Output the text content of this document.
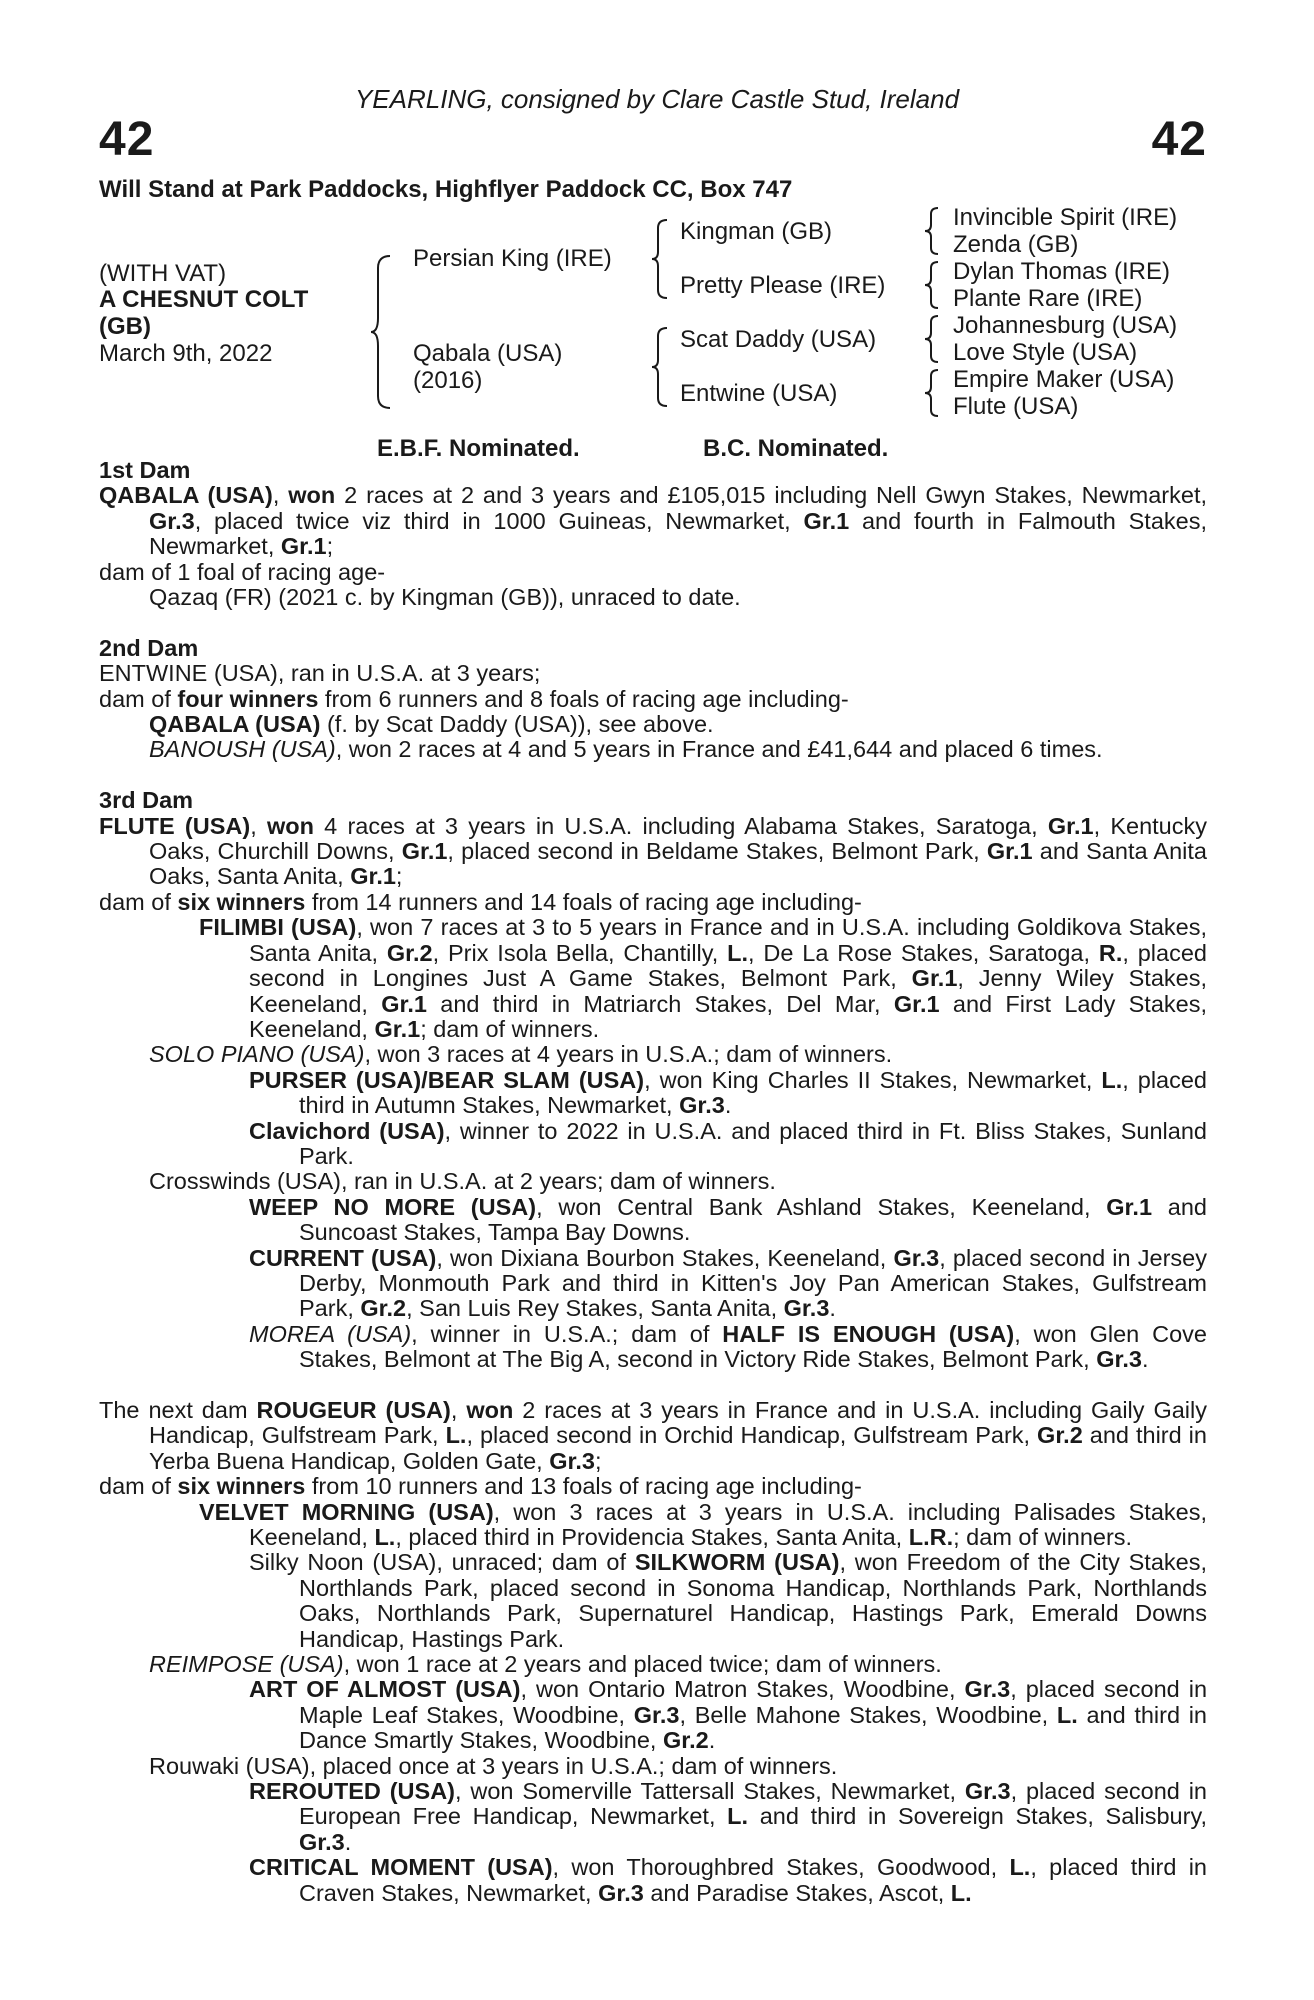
YEARLING, consigned by Clare Castle Stud, Ireland
42	42
Will Stand at Park Paddocks, Highflyer Paddock CC, Box 747
(WITH VAT)
A CHESNUT COLT
(GB)
March 9th, 2022
Persian King (IRE)
Qabala (USA)
(2016)
Kingman (GB)
Pretty Please (IRE)
Scat Daddy (USA)
Entwine (USA)
Invincible Spirit (IRE)
Zenda (GB)
Dylan Thomas (IRE)
Plante Rare (IRE)
Johannesburg (USA)
Love Style (USA)
Empire Maker (USA)
Flute (USA)
E.B.F. Nominated.	B.C. Nominated.

1st Dam

QABALA (USA), won 2 races at 2 and 3 years and £105,015 including Nell Gwyn Stakes, Newmarket, Gr.3, placed twice viz third in 1000 Guineas, Newmarket, Gr.1 and fourth in Falmouth Stakes, Newmarket, Gr.1;

dam of 1 foal of racing age-

Qazaq (FR) (2021 c. by Kingman (GB)), unraced to date.

2nd Dam

ENTWINE (USA), ran in U.S.A. at 3 years;

dam of four winners from 6 runners and 8 foals of racing age including-

QABALA (USA) (f. by Scat Daddy (USA)), see above.

BANOUSH (USA), won 2 races at 4 and 5 years in France and £41,644 and placed 6 times.

3rd Dam

FLUTE (USA), won 4 races at 3 years in U.S.A. including Alabama Stakes, Saratoga, Gr.1, Kentucky Oaks, Churchill Downs, Gr.1, placed second in Beldame Stakes, Belmont Park, Gr.1 and Santa Anita Oaks, Santa Anita, Gr.1;

dam of six winners from 14 runners and 14 foals of racing age including-

FILIMBI (USA), won 7 races at 3 to 5 years in France and in U.S.A. including Goldikova Stakes, Santa Anita, Gr.2, Prix Isola Bella, Chantilly, L., De La Rose Stakes, Saratoga, R., placed second in Longines Just A Game Stakes, Belmont Park, Gr.1, Jenny Wiley Stakes, Keeneland, Gr.1 and third in Matriarch Stakes, Del Mar, Gr.1 and First Lady Stakes, Keeneland, Gr.1; dam of winners.

SOLO PIANO (USA), won 3 races at 4 years in U.S.A.; dam of winners.

PURSER (USA)/BEAR SLAM (USA), won King Charles II Stakes, Newmarket, L., placed third in Autumn Stakes, Newmarket, Gr.3.

Clavichord (USA), winner to 2022 in U.S.A. and placed third in Ft. Bliss Stakes, Sunland Park.

Crosswinds (USA), ran in U.S.A. at 2 years; dam of winners.

WEEP NO MORE (USA), won Central Bank Ashland Stakes, Keeneland, Gr.1 and Suncoast Stakes, Tampa Bay Downs.

CURRENT (USA), won Dixiana Bourbon Stakes, Keeneland, Gr.3, placed second in Jersey Derby, Monmouth Park and third in Kitten's Joy Pan American Stakes, Gulfstream Park, Gr.2, San Luis Rey Stakes, Santa Anita, Gr.3.

MOREA (USA), winner in U.S.A.; dam of HALF IS ENOUGH (USA), won Glen Cove Stakes, Belmont at The Big A, second in Victory Ride Stakes, Belmont Park, Gr.3.

The next dam ROUGEUR (USA), won 2 races at 3 years in France and in U.S.A. including Gaily Gaily Handicap, Gulfstream Park, L., placed second in Orchid Handicap, Gulfstream Park, Gr.2 and third in Yerba Buena Handicap, Golden Gate, Gr.3;

dam of six winners from 10 runners and 13 foals of racing age including-

VELVET MORNING (USA), won 3 races at 3 years in U.S.A. including Palisades Stakes, Keeneland, L., placed third in Providencia Stakes, Santa Anita, L.R.; dam of winners.

Silky Noon (USA), unraced; dam of SILKWORM (USA), won Freedom of the City Stakes, Northlands Park, placed second in Sonoma Handicap, Northlands Park, Northlands Oaks, Northlands Park, Supernaturel Handicap, Hastings Park, Emerald Downs Handicap, Hastings Park.

REIMPOSE (USA), won 1 race at 2 years and placed twice; dam of winners.

ART OF ALMOST (USA), won Ontario Matron Stakes, Woodbine, Gr.3, placed second in Maple Leaf Stakes, Woodbine, Gr.3, Belle Mahone Stakes, Woodbine, L. and third in Dance Smartly Stakes, Woodbine, Gr.2.

Rouwaki (USA), placed once at 3 years in U.S.A.; dam of winners.

REROUTED (USA), won Somerville Tattersall Stakes, Newmarket, Gr.3, placed second in European Free Handicap, Newmarket, L. and third in Sovereign Stakes, Salisbury, Gr.3.

CRITICAL MOMENT (USA), won Thoroughbred Stakes, Goodwood, L., placed third in Craven Stakes, Newmarket, Gr.3 and Paradise Stakes, Ascot, L.
